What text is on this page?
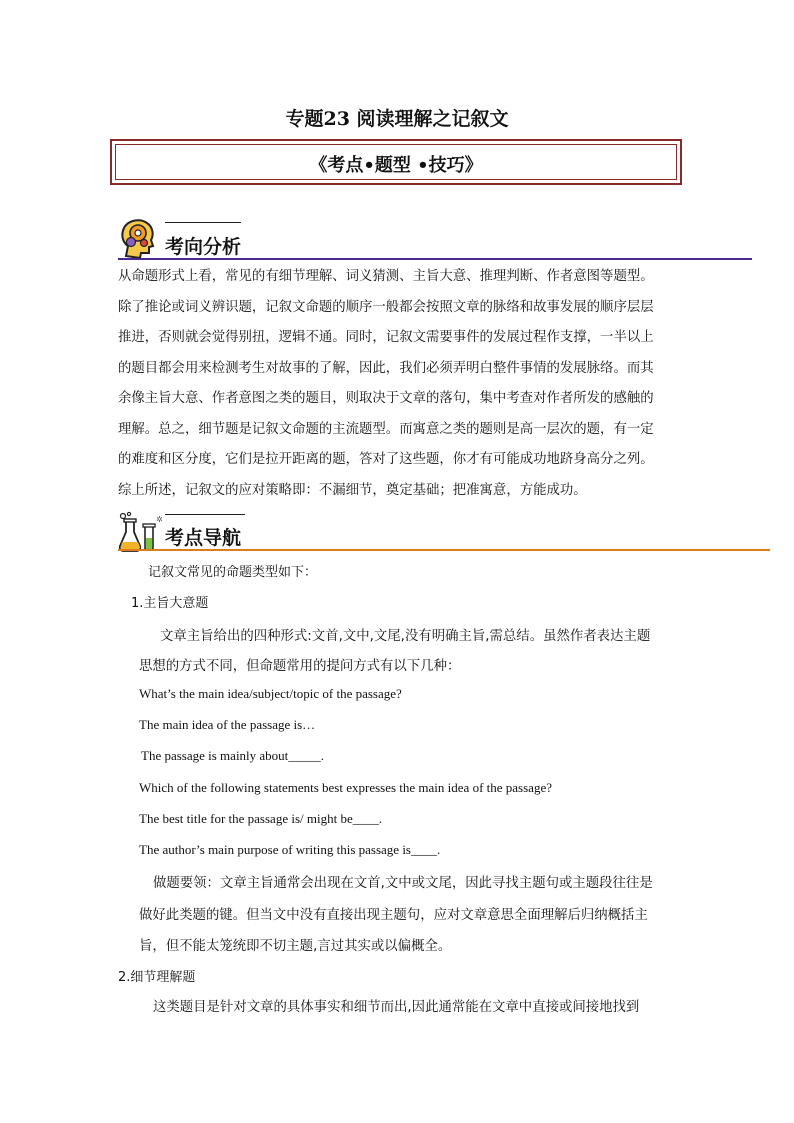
专题23 阅读理解之记叙文
《考点•题型 •技巧》
考向分析
从命题形式上看，常见的有细节理解、词义猜测、主旨大意、推理判断、作者意图等题型。
除了推论或词义辨识题，记叙文命题的顺序一般都会按照文章的脉络和故事发展的顺序层层
推进，否则就会觉得别扭，逻辑不通。同时，记叙文需要事件的发展过程作支撑，一半以上
的题目都会用来检测考生对故事的了解，因此，我们必须弄明白整件事情的发展脉络。而其
余像主旨大意、作者意图之类的题目，则取决于文章的落句，集中考查对作者所发的感触的
理解。总之，细节题是记叙文命题的主流题型。而寓意之类的题则是高一层次的题，有一定
的难度和区分度，它们是拉开距离的题，答对了这些题，你才有可能成功地跻身高分之列。
综上所述，记叙文的应对策略即：不漏细节，奠定基础；把准寓意，方能成功。
✲
考点导航
记叙文常见的命题类型如下：
1.主旨大意题
文章主旨给出的四种形式:文首,文中,文尾,没有明确主旨,需总结。虽然作者表达主题
思想的方式不同，但命题常用的提问方式有以下几种：
What’s the main idea/subject/topic of the passage?
The main idea of the passage is…
The passage is mainly about_____.
Which of the following statements best expresses the main idea of the passage?
The best title for the passage is/ might be____.
The author’s main purpose of writing this passage is____.
做题要领：文章主旨通常会出现在文首,文中或文尾，因此寻找主题句或主题段往往是
做好此类题的键。但当文中没有直接出现主题句，应对文章意思全面理解后归纳概括主
旨，但不能太笼统即不切主题,言过其实或以偏概全。
2.细节理解题
这类题目是针对文章的具体事实和细节而出,因此通常能在文章中直接或间接地找到
